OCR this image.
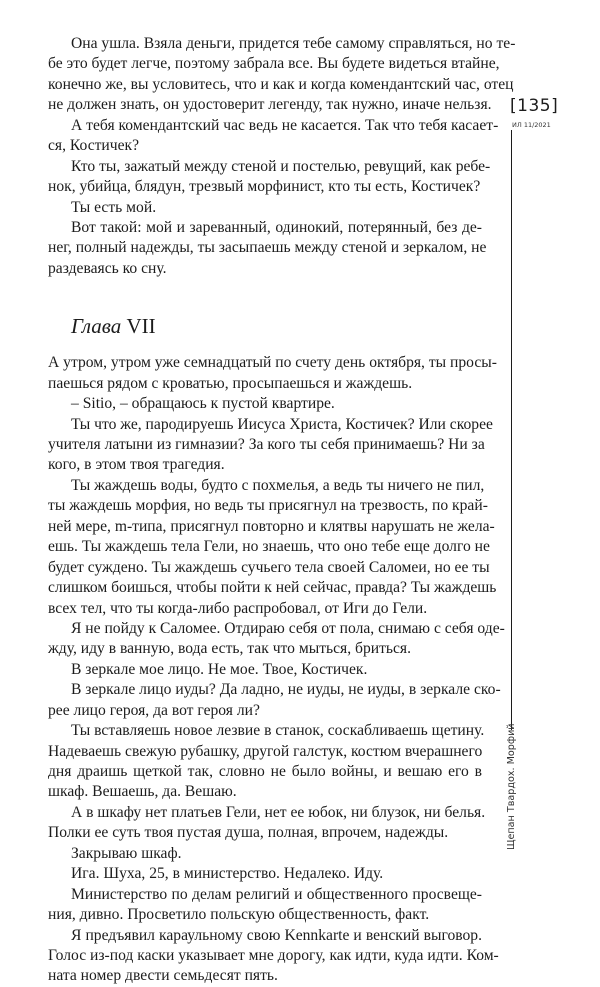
Она ушла. Взяла деньги, придется тебе самому справляться, но те-
бе это будет легче, поэтому забрала все. Вы будете видеться втайне,
конечно же, вы условитесь, что и как и когда комендантский час, отец
не должен знать, он удостоверит легенду, так нужно, иначе нельзя.
А тебя комендантский час ведь не касается. Так что тебя касает-
ся, Костичек?
Кто ты, зажатый между стеной и постелью, ревущий, как ребе-
нок, убийца, блядун, трезвый морфинист, кто ты есть, Костичек?
Ты есть мой.
Вот такой: мой и зареванный, одинокий, потерянный, без де-
нег, полный надежды, ты засыпаешь между стеной и зеркалом, не
раздеваясь ко сну.
Глава VII
А утром, утром уже семнадцатый по счету день октября, ты просы-
паешься рядом с кроватью, просыпаешься и жаждешь.
– Sitio, – обращаюсь к пустой квартире.
Ты что же, пародируешь Иисуса Христа, Костичек? Или скорее
учителя латыни из гимназии? За кого ты себя принимаешь? Ни за
кого, в этом твоя трагедия.
Ты жаждешь воды, будто с похмелья, а ведь ты ничего не пил,
ты жаждешь морфия, но ведь ты присягнул на трезвость, по край-
ней мере, m-типа, присягнул повторно и клятвы нарушать не жела-
ешь. Ты жаждешь тела Гели, но знаешь, что оно тебе еще долго не
будет суждено. Ты жаждешь сучьего тела своей Саломеи, но ее ты
слишком боишься, чтобы пойти к ней сейчас, правда? Ты жаждешь
всех тел, что ты когда-либо распробовал, от Иги до Гели.
Я не пойду к Саломее. Отдираю себя от пола, снимаю с себя оде-
жду, иду в ванную, вода есть, так что мыться, бриться.
В зеркале мое лицо. Не мое. Твое, Костичек.
В зеркале лицо иуды? Да ладно, не иуды, не иуды, в зеркале ско-
рее лицо героя, да вот героя ли?
Ты вставляешь новое лезвие в станок, соскабливаешь щетину.
Надеваешь свежую рубашку, другой галстук, костюм вчерашнего
дня драишь щеткой так, словно не было войны, и вешаю его в
шкаф. Вешаешь, да. Вешаю.
А в шкафу нет платьев Гели, нет ее юбок, ни блузок, ни белья.
Полки ее суть твоя пустая душа, полная, впрочем, надежды.
Закрываю шкаф.
Ига. Шуха, 25, в министерство. Недалеко. Иду.
Министерство по делам религий и общественного просвеще-
ния, дивно. Просветило польскую общественность, факт.
Я предъявил караульному свою Kennkarte и венский выговор.
Голос из-под каски указывает мне дорогу, как идти, куда идти. Ком-
ната номер двести семьдесят пять.
[135]
ИЛ 11/2021
Щепан Твардох. Морфий
